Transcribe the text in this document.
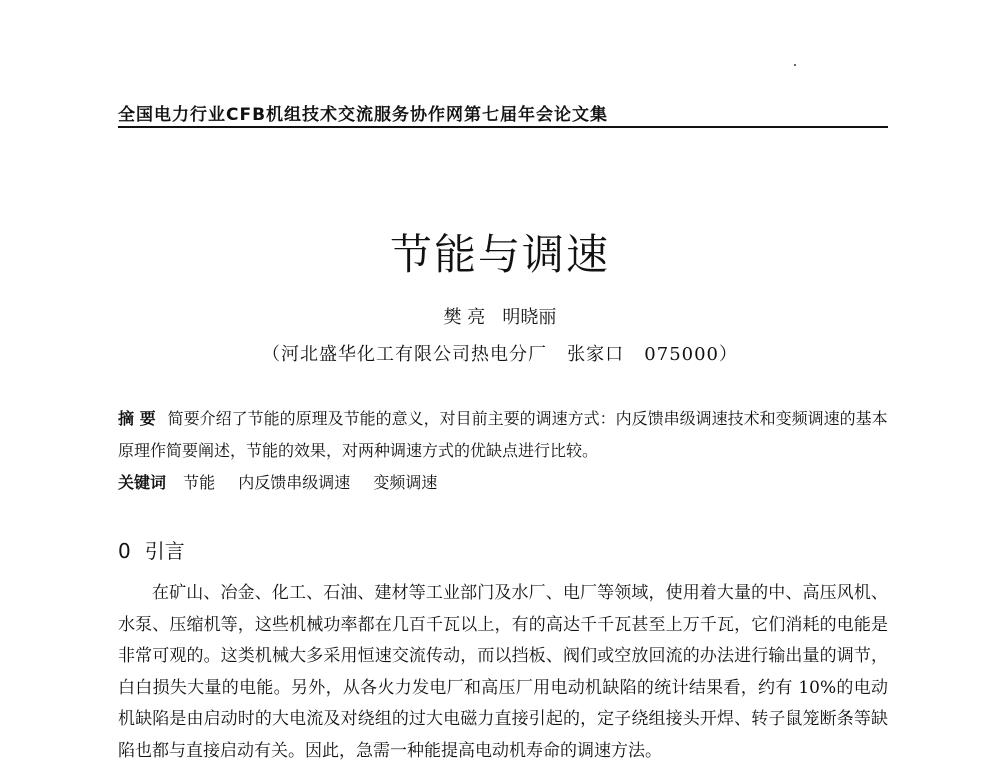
全国电力行业CFB机组技术交流服务协作网第七届年会论文集
节能与调速
樊 亮   明晓丽
（河北盛华化工有限公司热电分厂   张家口   075000）
摘 要 简要介绍了节能的原理及节能的意义，对目前主要的调速方式：内反馈串级调速技术和变频调速的基本原理作简要阐述，节能的效果，对两种调速方式的优缺点进行比较。
关键词 节能 内反馈串级调速 变频调速
0 引言

在矿山、冶金、化工、石油、建材等工业部门及水厂、电厂等领域，使用着大量的中、高压风机、水泵、压缩机等，这些机械功率都在几百千瓦以上，有的高达千千瓦甚至上万千瓦，它们消耗的电能是非常可观的。这类机械大多采用恒速交流传动，而以挡板、阀们或空放回流的办法进行输出量的调节，白白损失大量的电能。另外，从各火力发电厂和高压厂用电动机缺陷的统计结果看，约有 10%的电动机缺陷是由启动时的大电流及对绕组的过大电磁力直接引起的，定子绕组接头开焊、转子鼠笼断条等缺陷也都与直接启动有关。因此，急需一种能提高电动机寿命的调速方法。
